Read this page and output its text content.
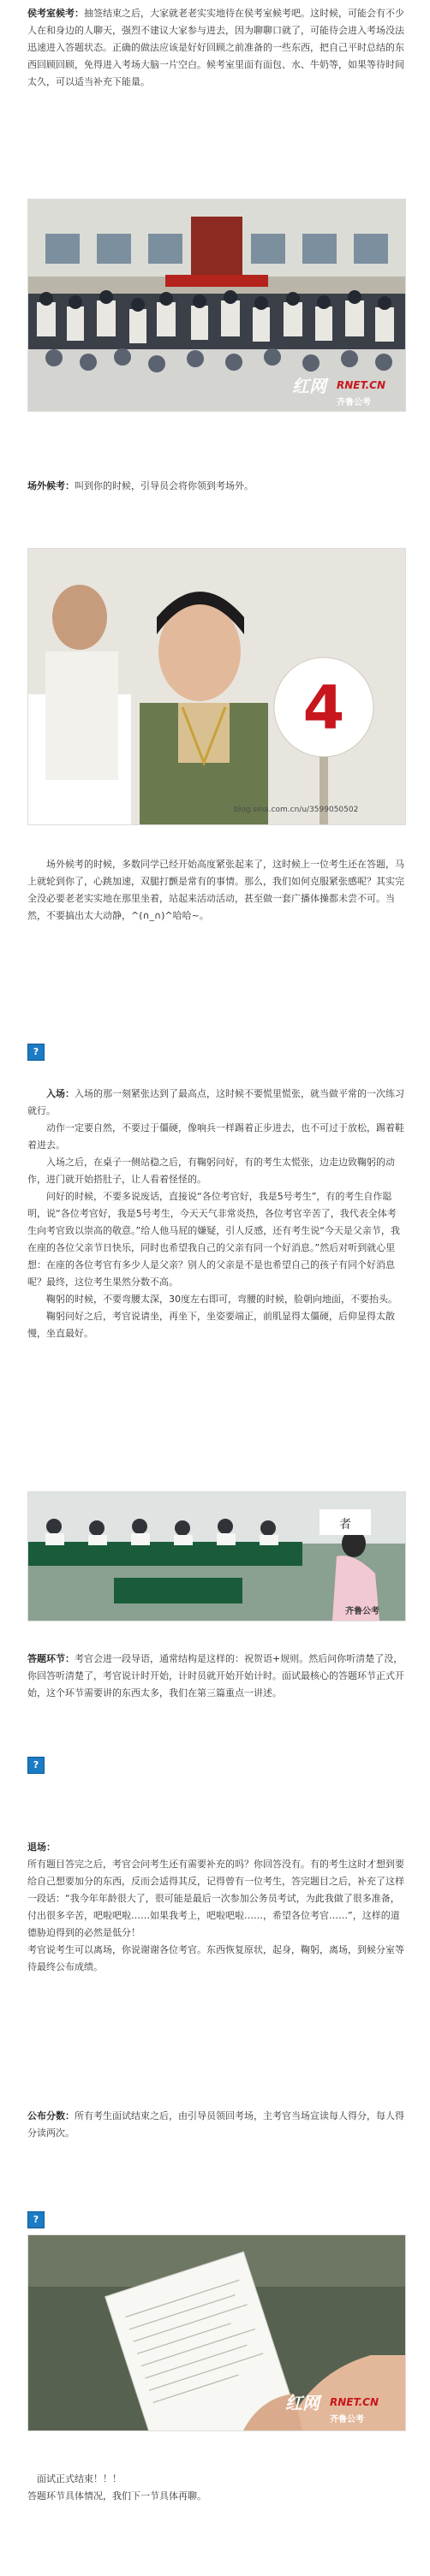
侯考室候考：抽签结束之后，大家就老老实实地待在侯考室候考吧。这时候，可能会有不少人在和身边的人聊天，强烈不建议大家参与进去，因为聊聊口就了，可能待会进入考场没法迅速进入答题状态。正确的做法应该是好好回顾之前准备的一些东西，把自己平时总结的东西回顾回顾，免得进入考场大脑一片空白。候考室里面有面包、水、牛奶等，如果等待时间太久，可以适当补充下能量。

红网 RNET.CN
齐鲁公考

场外候考：叫到你的时候，引导员会将你领到考场外。

4
blog.sina.com.cn/u/3599050502

场外候考的时候，多数同学已经开始高度紧张起来了，这时候上一位考生还在答题，马上就轮到你了，心跳加速，双腿打颤是常有的事情。那么，我们如何克服紧张感呢？其实完全没必要老老实实地在那里坐着，站起来活动活动，甚至做一套广播体操都未尝不可。当然，不要搞出太大动静，^(∩_∩)^哈哈~。

?

入场：入场的那一刻紧张达到了最高点，这时候不要慌里慌张，就当做平常的一次练习就行。

动作一定要自然，不要过于僵硬，像响兵一样踢着正步进去，也不可过于放松，踢着鞋着进去。

入场之后，在桌子一侧站稳之后，有鞠躬问好，有的考生太慌张，边走边致鞠躬的动作，进门就开始搭肚子，让人看着怪怪的。

问好的时候，不要多说废话，直接说“各位考官好，我是5号考生”，有的考生自作聪明，说“各位考官好，我是5号考生，今天天气非常炎热，各位考官辛苦了，我代表全体考生向考官致以崇高的敬意。”给人他马屁的嫌疑，引人反感，还有考生说“今天是父亲节，我在座的各位父亲节日快乐，同时也希望我自己的父亲有同一个好消息。”然后对听到就心里想：在座的各位考官有多少人是父亲？别人的父亲是不是也希望自己的孩子有同个好消息呢？最终，这位考生果然分数不高。

鞠躬的时候，不要弯腰太深，30度左右即可，弯腰的时候，脸朝向地面，不要抬头。

鞠躬问好之后，考官说请坐，再坐下，坐姿要端正，前肌显得太僵硬，后仰显得太散慢，坐直最好。

者
齐鲁公考

答题环节：考官会进一段导语，通常结构是这样的：祝贺语+规则。然后问你听清楚了没，你回答听清楚了，考官说计时开始，计时员就开始开始计时。面试最核心的答题环节正式开始，这个环节需要讲的东西太多，我们在第三篇重点一讲述。

?

退场：

所有题目答完之后，考官会问考生还有需要补充的吗？你回答没有。有的考生这时才想到要给自己想要加分的东西，反而会适得其反，记得曾有一位考生，答完题目之后，补充了这样一段话：“我今年年龄很大了，很可能是最后一次参加公务员考试，为此我做了很多准备，付出很多辛苦，吧啦吧啦……如果我考上，吧啦吧啦……，希望各位考官……”，这样的道德胁迫得到的必然是低分！

考官说考生可以离场，你说谢谢各位考官。东西恢复原状，起身，鞠躬，离场，到候分室等待最终公布成绩。

公布分数：所有考生面试结束之后，由引导员领回考场，主考官当场宣读每人得分，每人得分读两次。

?
红网 RNET.CN
齐鲁公考

面试正式结束！！！

答题环节具体情况，我们下一节具体再聊。
